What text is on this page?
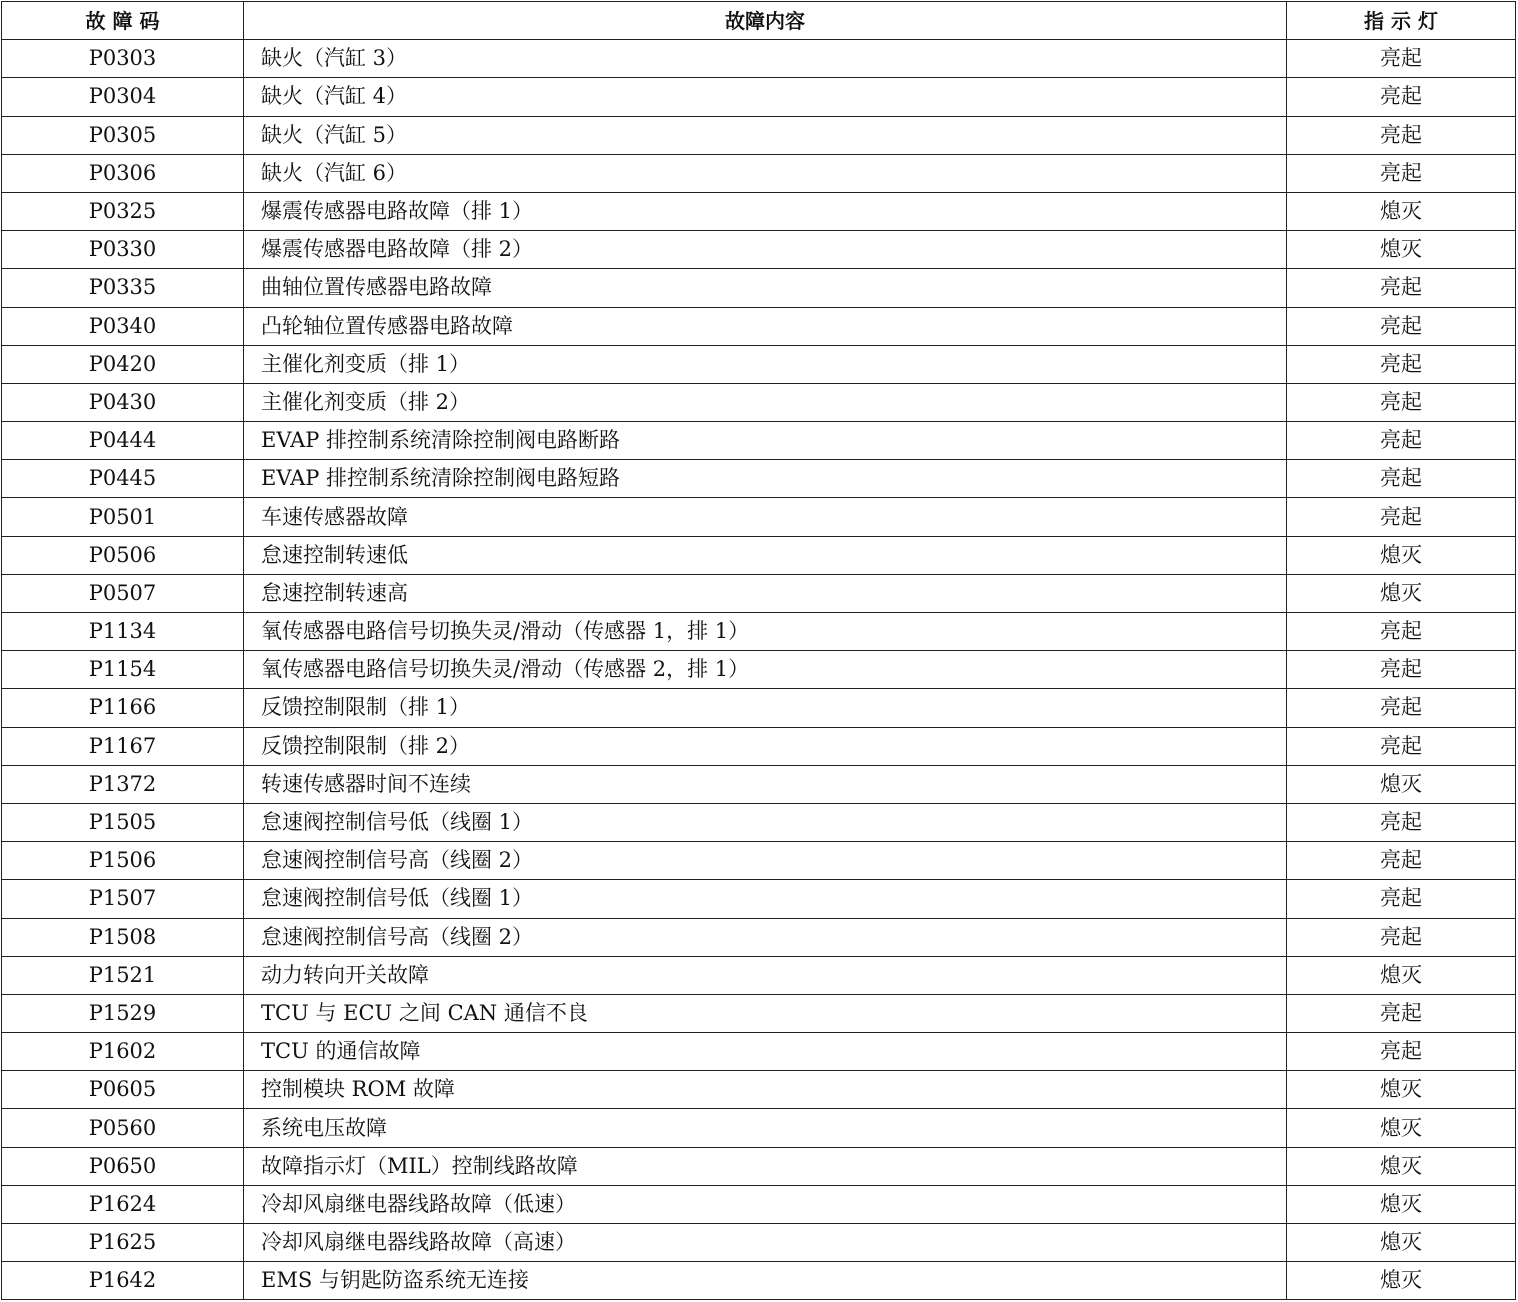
故 障 码	故障内容	指 示 灯
P0303	缺火（汽缸 3）	亮起
P0304	缺火（汽缸 4）	亮起
P0305	缺火（汽缸 5）	亮起
P0306	缺火（汽缸 6）	亮起
P0325	爆震传感器电路故障（排 1）	熄灭
P0330	爆震传感器电路故障（排 2）	熄灭
P0335	曲轴位置传感器电路故障	亮起
P0340	凸轮轴位置传感器电路故障	亮起
P0420	主催化剂变质（排 1）	亮起
P0430	主催化剂变质（排 2）	亮起
P0444	EVAP 排控制系统清除控制阀电路断路	亮起
P0445	EVAP 排控制系统清除控制阀电路短路	亮起
P0501	车速传感器故障	亮起
P0506	怠速控制转速低	熄灭
P0507	怠速控制转速高	熄灭
P1134	氧传感器电路信号切换失灵/滑动（传感器 1，排 1）	亮起
P1154	氧传感器电路信号切换失灵/滑动（传感器 2，排 1）	亮起
P1166	反馈控制限制（排 1）	亮起
P1167	反馈控制限制（排 2）	亮起
P1372	转速传感器时间不连续	熄灭
P1505	怠速阀控制信号低（线圈 1）	亮起
P1506	怠速阀控制信号高（线圈 2）	亮起
P1507	怠速阀控制信号低（线圈 1）	亮起
P1508	怠速阀控制信号高（线圈 2）	亮起
P1521	动力转向开关故障	熄灭
P1529	TCU 与 ECU 之间 CAN 通信不良	亮起
P1602	TCU 的通信故障	亮起
P0605	控制模块 ROM 故障	熄灭
P0560	系统电压故障	熄灭
P0650	故障指示灯（MIL）控制线路故障	熄灭
P1624	冷却风扇继电器线路故障（低速）	熄灭
P1625	冷却风扇继电器线路故障（高速）	熄灭
P1642	EMS 与钥匙防盗系统无连接	熄灭
